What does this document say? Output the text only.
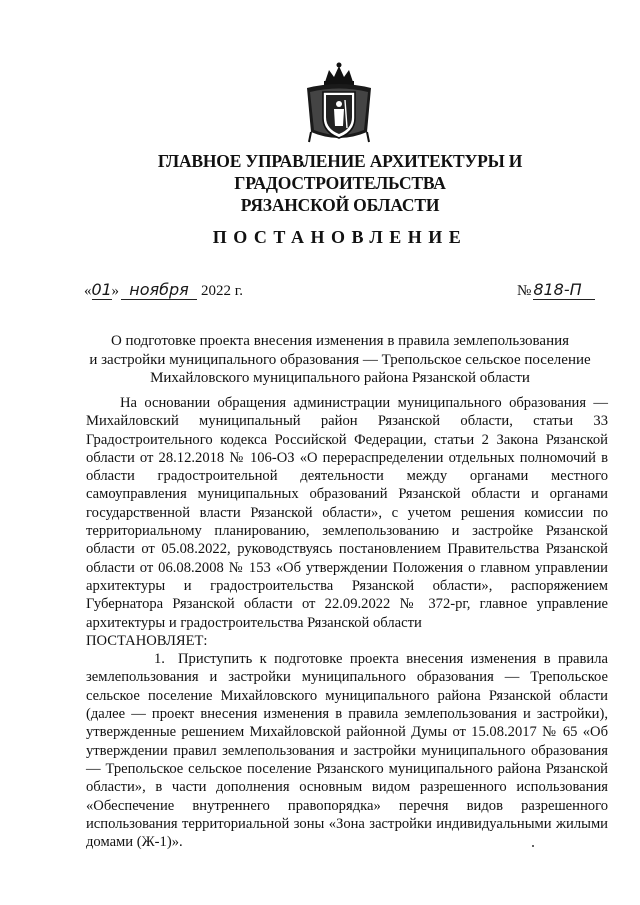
ГЛАВНОЕ УПРАВЛЕНИЕ АРХИТЕКТУРЫ И ГРАДОСТРОИТЕЛЬСТВА
РЯЗАНСКОЙ ОБЛАСТИ
ПОСТАНОВЛЕНИЕ
« 01 » ноября 2022 г.	№ 818-П
О подготовке проекта внесения изменения в правила землепользования
и застройки муниципального образования — Трепольское сельское поселение
Михайловского муниципального района Рязанской области

На основании обращения администрации муниципального образования — Михайловский муниципальный район Рязанской области, статьи 33 Градостроительного кодекса Российской Федерации, статьи 2 Закона Рязанской области от 28.12.2018 № 106-ОЗ «О перераспределении отдельных полномочий в области градостроительной деятельности между органами местного самоуправления муниципальных образований Рязанской области и органами государственной власти Рязанской области», с учетом решения комиссии по территориальному планированию, землепользованию и застройке Рязанской области от 05.08.2022, руководствуясь постановлением Правительства Рязанской области от 06.08.2008 № 153 «Об утверждении Положения о главном управлении архитектуры и градостроительства Рязанской области», распоряжением Губернатора Рязанской области от 22.09.2022 № 372-рг, главное управление архитектуры и градостроительства Рязанской области

ПОСТАНОВЛЯЕТ:

1. Приступить к подготовке проекта внесения изменения в правила землепользования и застройки муниципального образования — Трепольское сельское поселение Михайловского муниципального района Рязанской области (далее — проект внесения изменения в правила землепользования и застройки), утвержденные решением Михайловской районной Думы от 15.08.2017 № 65 «Об утверждении правил землепользования и застройки муниципального образования — Трепольское сельское поселение Рязанского муниципального района Рязанской области», в части дополнения основным видом разрешенного использования «Обеспечение внутреннего правопорядка» перечня видов разрешенного использования территориальной зоны «Зона застройки индивидуальными жилыми домами (Ж-1)».
